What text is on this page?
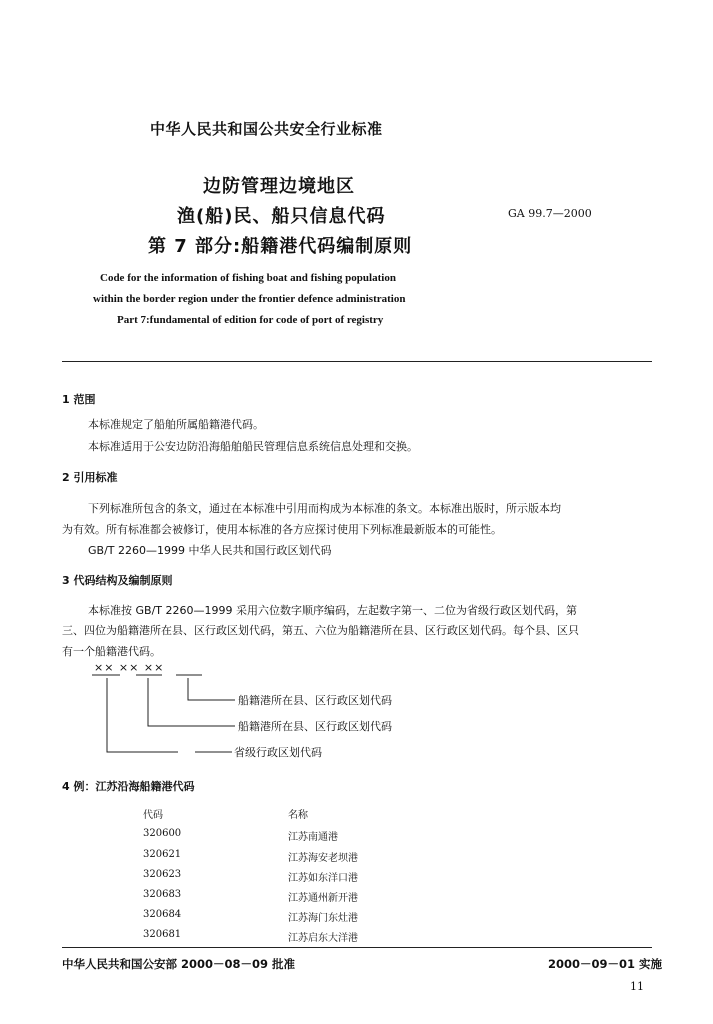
中华人民共和国公共安全行业标准
边防管理边境地区
渔(船)民、船只信息代码
第 7 部分:船籍港代码编制原则
GA 99.7—2000
Code for the information of fishing boat and fishing population
within the border region under the frontier defence administration
Part 7:fundamental of edition for code of port of registry
1 范围
本标准规定了船舶所属船籍港代码。
本标准适用于公安边防沿海船舶船民管理信息系统信息处理和交换。
2 引用标准
下列标准所包含的条文，通过在本标准中引用而构成为本标准的条文。本标准出版时，所示版本均
为有效。所有标准都会被修订，使用本标准的各方应探讨使用下列标准最新版本的可能性。
GB/T 2260—1999 中华人民共和国行政区划代码
3 代码结构及编制原则
本标准按 GB/T 2260—1999 采用六位数字顺序编码，左起数字第一、二位为省级行政区划代码，第
三、四位为船籍港所在县、区行政区划代码，第五、六位为船籍港所在县、区行政区划代码。每个县、区只
有一个船籍港代码。
×× ×× ××
船籍港所在县、区行政区划代码
船籍港所在县、区行政区划代码
省级行政区划代码
4 例：江苏沿海船籍港代码
代码	名称
320600	江苏南通港
320621	江苏海安老坝港
320623	江苏如东洋口港
320683	江苏通州新开港
320684	江苏海门东灶港
320681	江苏启东大洋港
中华人民共和国公安部 2000－08－09 批准	2000－09－01 实施
11
